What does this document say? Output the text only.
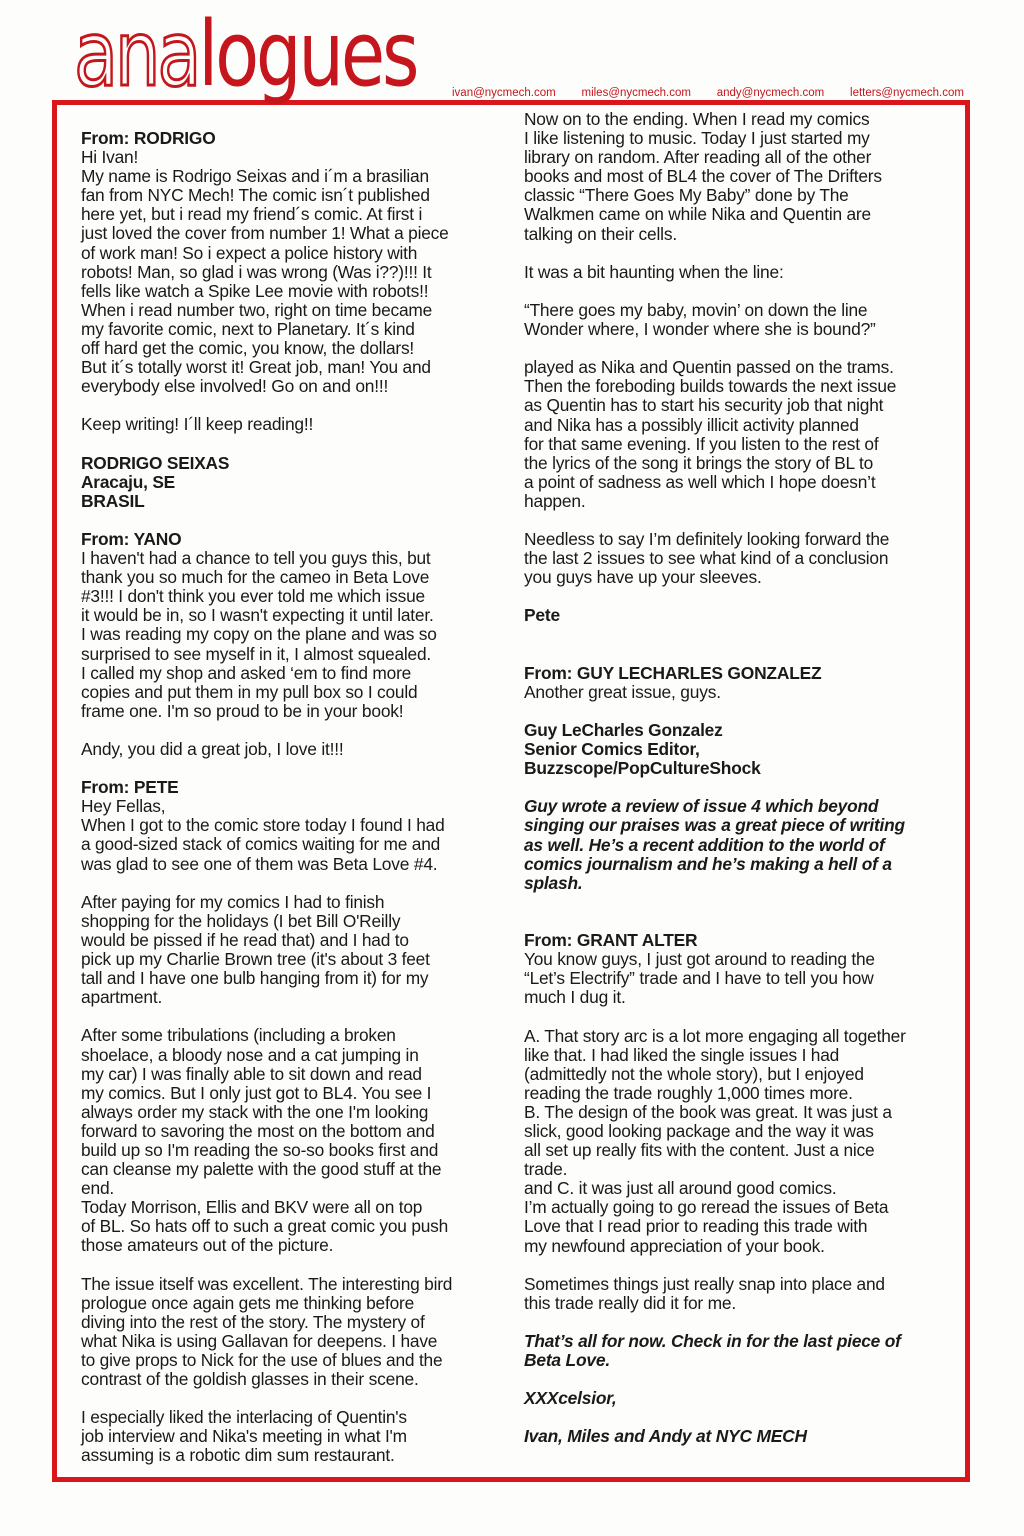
analogues	ivan@nycmech.com miles@nycmech.com andy@nycmech.com letters@nycmech.com
From: RODRIGO
Hi Ivan!
My name is Rodrigo Seixas and i´m a brasilian
fan from NYC Mech! The comic isn´t published
here yet, but i read my friend´s comic. At first i
just loved the cover from number 1! What a piece
of work man! So i expect a police history with
robots! Man, so glad i was wrong (Was i??)!!! It
fells like watch a Spike Lee movie with robots!!
When i read number two, right on time became
my favorite comic, next to Planetary. It´s kind
off hard get the comic, you know, the dollars!
But it´s totally worst it! Great job, man! You and
everybody else involved! Go on and on!!!
Keep writing! I´ll keep reading!!
RODRIGO SEIXAS
Aracaju, SE
BRASIL
From: YANO
I haven't had a chance to tell you guys this, but
thank you so much for the cameo in Beta Love
#3!!! I don't think you ever told me which issue
it would be in, so I wasn't expecting it until later.
I was reading my copy on the plane and was so
surprised to see myself in it, I almost squealed.
I called my shop and asked ‘em to find more
copies and put them in my pull box so I could
frame one. I'm so proud to be in your book!
Andy, you did a great job, I love it!!!
From: PETE
Hey Fellas,
When I got to the comic store today I found I had
a good-sized stack of comics waiting for me and
was glad to see one of them was Beta Love #4.
After paying for my comics I had to finish
shopping for the holidays (I bet Bill O'Reilly
would be pissed if he read that) and I had to
pick up my Charlie Brown tree (it's about 3 feet
tall and I have one bulb hanging from it) for my
apartment.
After some tribulations (including a broken
shoelace, a bloody nose and a cat jumping in
my car) I was finally able to sit down and read
my comics. But I only just got to BL4. You see I
always order my stack with the one I'm looking
forward to savoring the most on the bottom and
build up so I'm reading the so-so books first and
can cleanse my palette with the good stuff at the
end.
Today Morrison, Ellis and BKV were all on top
of BL. So hats off to such a great comic you push
those amateurs out of the picture.
The issue itself was excellent. The interesting bird
prologue once again gets me thinking before
diving into the rest of the story. The mystery of
what Nika is using Gallavan for deepens. I have
to give props to Nick for the use of blues and the
contrast of the goldish glasses in their scene.
I especially liked the interlacing of Quentin's
job interview and Nika's meeting in what I'm
assuming is a robotic dim sum restaurant.
Now on to the ending. When I read my comics
I like listening to music. Today I just started my
library on random. After reading all of the other
books and most of BL4 the cover of The Drifters
classic “There Goes My Baby” done by The
Walkmen came on while Nika and Quentin are
talking on their cells.
It was a bit haunting when the line:
“There goes my baby, movin’ on down the line
Wonder where, I wonder where she is bound?”
played as Nika and Quentin passed on the trams.
Then the foreboding builds towards the next issue
as Quentin has to start his security job that night
and Nika has a possibly illicit activity planned
for that same evening. If you listen to the rest of
the lyrics of the song it brings the story of BL to
a point of sadness as well which I hope doesn’t
happen.
Needless to say I’m definitely looking forward the
the last 2 issues to see what kind of a conclusion
you guys have up your sleeves.
Pete
From: GUY LECHARLES GONZALEZ
Another great issue, guys.
Guy LeCharles Gonzalez
Senior Comics Editor,
Buzzscope/PopCultureShock
Guy wrote a review of issue 4 which beyond
singing our praises was a great piece of writing
as well. He’s a recent addition to the world of
comics journalism and he’s making a hell of a
splash.
From: GRANT ALTER
You know guys, I just got around to reading the
“Let’s Electrify” trade and I have to tell you how
much I dug it.
A. That story arc is a lot more engaging all together
like that. I had liked the single issues I had
(admittedly not the whole story), but I enjoyed
reading the trade roughly 1,000 times more.
B. The design of the book was great. It was just a
slick, good looking package and the way it was
all set up really fits with the content. Just a nice
trade.
and C. it was just all around good comics.
I’m actually going to go reread the issues of Beta
Love that I read prior to reading this trade with
my newfound appreciation of your book.
Sometimes things just really snap into place and
this trade really did it for me.
That’s all for now. Check in for the last piece of
Beta Love.
XXXcelsior,
Ivan, Miles and Andy at NYC MECH
